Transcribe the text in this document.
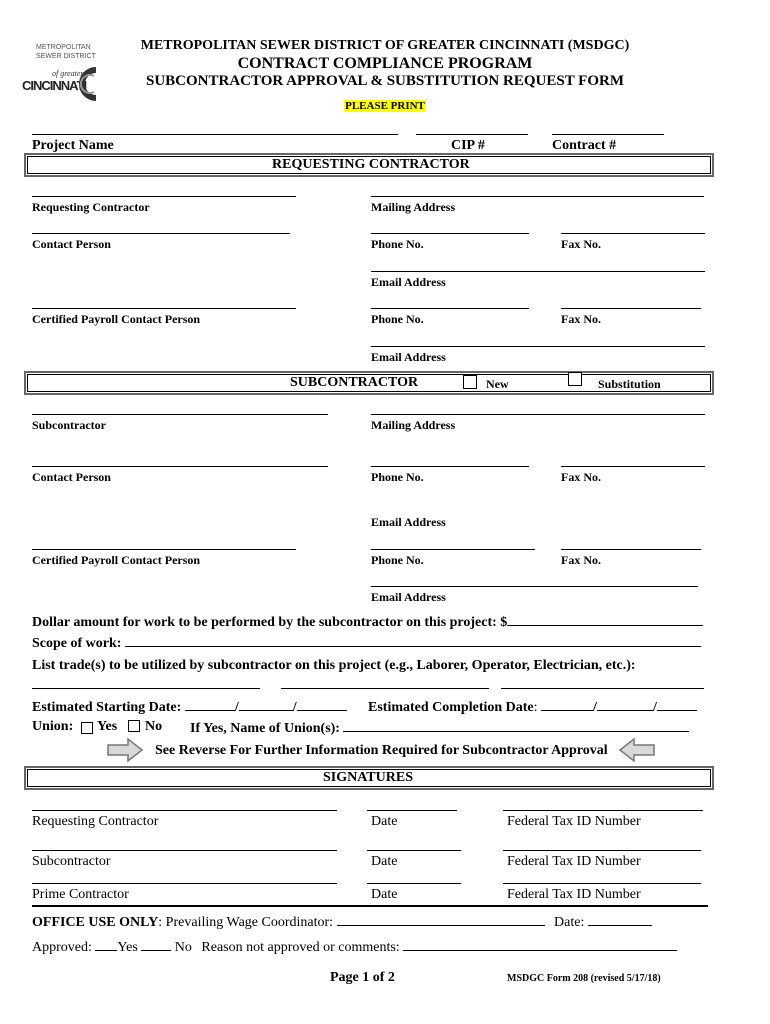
METROPOLITAN
SEWER DISTRICT
of greater
CINCINNATI
METROPOLITAN SEWER DISTRICT OF GREATER CINCINNATI (MSDGC)
CONTRACT COMPLIANCE PROGRAM
SUBCONTRACTOR APPROVAL & SUBSTITUTION REQUEST FORM
PLEASE PRINT
Project Name	CIP #	Contract #
REQUESTING CONTRACTOR
Requesting Contractor	Mailing Address
Contact Person	Phone No.	Fax No.
Email Address
Certified Payroll Contact Person	Phone No.	Fax No.
Email Address
SUBCONTRACTOR	New	Substitution
Subcontractor	Mailing Address
Contact Person	Phone No.	Fax No.
Email Address
Certified Payroll Contact Person	Phone No.	Fax No.
Email Address
Dollar amount for work to be performed by the subcontractor on this project: $
Scope of work:
List trade(s) to be utilized by subcontractor on this project (e.g., Laborer, Operator, Electrician, etc.):
Estimated Starting Date:	/	/	Estimated Completion Date:	/	/
Union: Yes No If Yes, Name of Union(s):
See Reverse For Further Information Required for Subcontractor Approval
SIGNATURES
Requesting Contractor	Date	Federal Tax ID Number
Subcontractor	Date	Federal Tax ID Number
Prime Contractor	Date	Federal Tax ID Number
OFFICE USE ONLY: Prevailing Wage Coordinator:	Date:
Approved: Yes	No Reason not approved or comments:
Page 1 of 2	MSDGC Form 208 (revised 5/17/18)
